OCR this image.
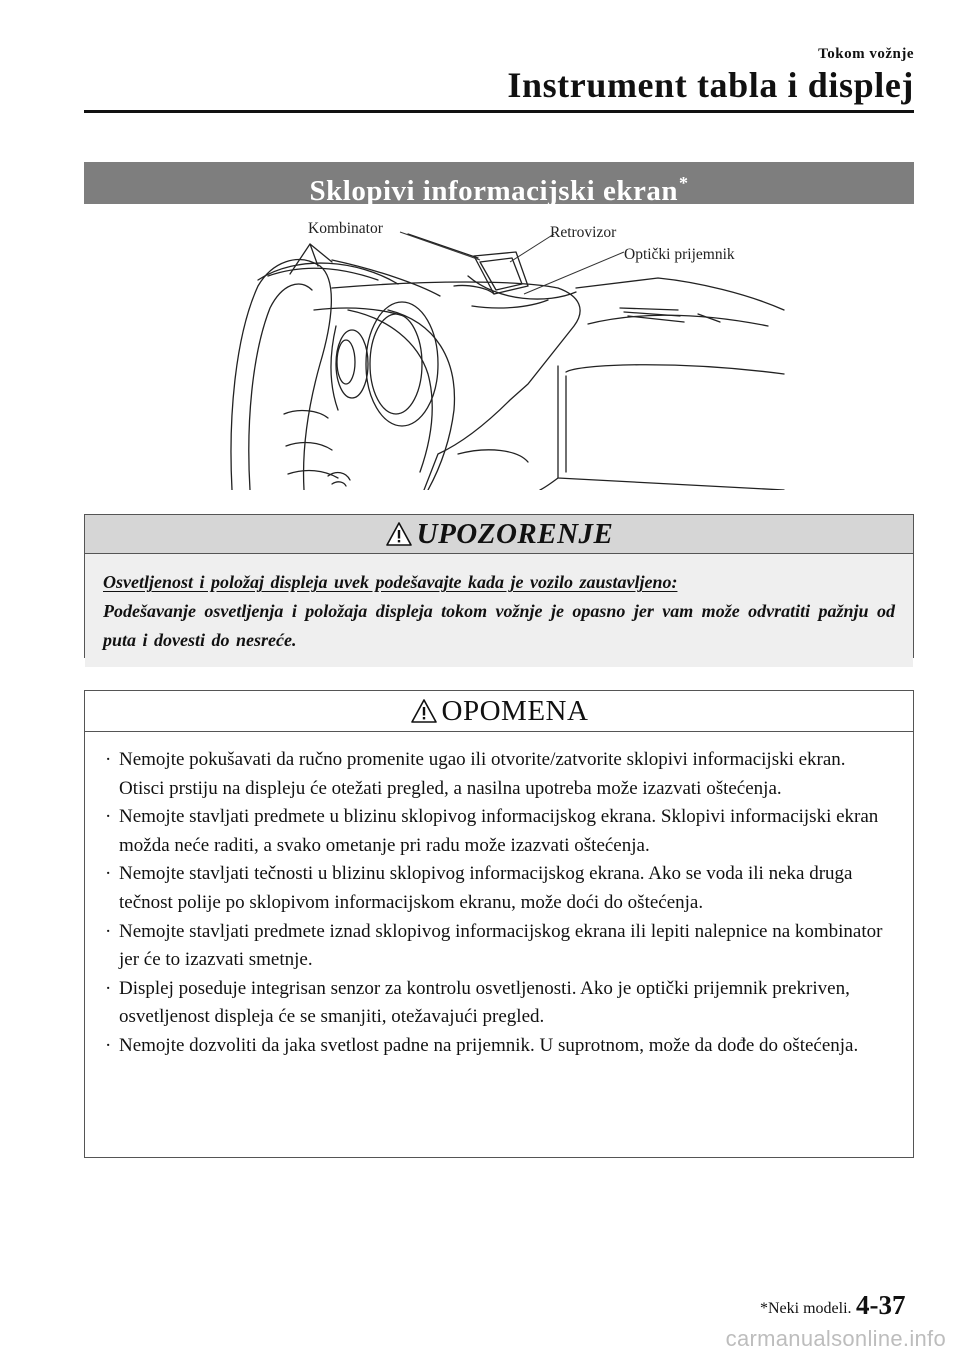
Tokom vožnje
Instrument tabla i displej
Sklopivi informacijski ekran*
Kombinator	Retrovizor
Optički prijemnik
UPOZORENJE
Osvetljenost i položaj displeja uvek podešavajte kada je vozilo zaustavljeno:
Podešavanje osvetljenja i položaja displeja tokom vožnje je opasno jer vam može odvratiti pažnju od puta i dovesti do nesreće.
OPOMENA
· Nemojte pokušavati da ručno promenite ugao ili otvorite/zatvorite sklopivi informacijski ekran. Otisci prstiju na displeju će otežati pregled, a nasilna upotreba može izazvati oštećenja.
· Nemojte stavljati predmete u blizinu sklopivog informacijskog ekrana. Sklopivi informacijski ekran možda neće raditi, a svako ometanje pri radu može izazvati oštećenja.
· Nemojte stavljati tečnosti u blizinu sklopivog informacijskog ekrana. Ako se voda ili neka druga tečnost polije po sklopivom informacijskom ekranu, može doći do oštećenja.
· Nemojte stavljati predmete iznad sklopivog informacijskog ekrana ili lepiti nalepnice na kombinator jer će to izazvati smetnje.
· Displej poseduje integrisan senzor za kontrolu osvetljenosti. Ako je optički prijemnik prekriven, osvetljenost displeja će se smanjiti, otežavajući pregled.
· Nemojte dozvoliti da jaka svetlost padne na prijemnik. U suprotnom, može da dođe do oštećenja.
*Neki modeli. 4-37
carmanualsonline.info
